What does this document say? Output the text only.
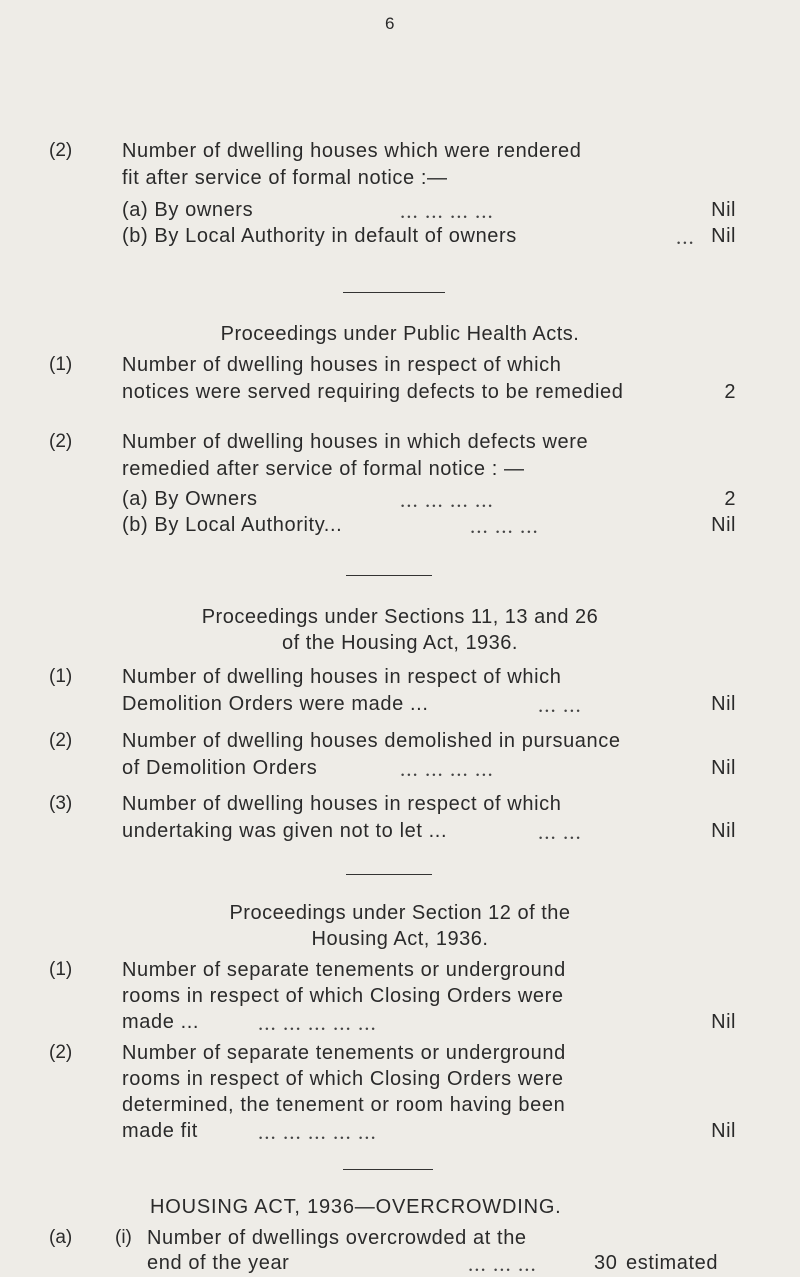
6
(2) Number of dwelling houses which were rendered
fit after service of formal notice :—
(a) By owners	... ... ... ...	Nil
(b) By Local Authority in default of owners	... Nil
Proceedings under Public Health Acts.
(1) Number of dwelling houses in respect of which
notices were served requiring defects to be remedied	2
(2) Number of dwelling houses in which defects were
remedied after service of formal notice : —
(a) By Owners	... ... ... ...	2
(b) By Local Authority...	... ... ...	Nil
Proceedings under Sections 11, 13 and 26
of the Housing Act, 1936.
(1) Number of dwelling houses in respect of which
Demolition Orders were made ...	... ...	Nil
(2) Number of dwelling houses demolished in pursuance
of Demolition Orders	... ... ... ...	Nil
(3) Number of dwelling houses in respect of which
undertaking was given not to let ...	... ...	Nil
Proceedings under Section 12 of the
Housing Act, 1936.
(1) Number of separate tenements or underground
rooms in respect of which Closing Orders were
made ...	... ... ... ... ...	Nil
(2) Number of separate tenements or underground
rooms in respect of which Closing Orders were
determined, the tenement or room having been
made fit	... ... ... ... ...	Nil
HOUSING ACT, 1936—OVERCROWDING.
(a) (i) Number of dwellings overcrowded at the
end of the year	... ... ...	30 estimated
